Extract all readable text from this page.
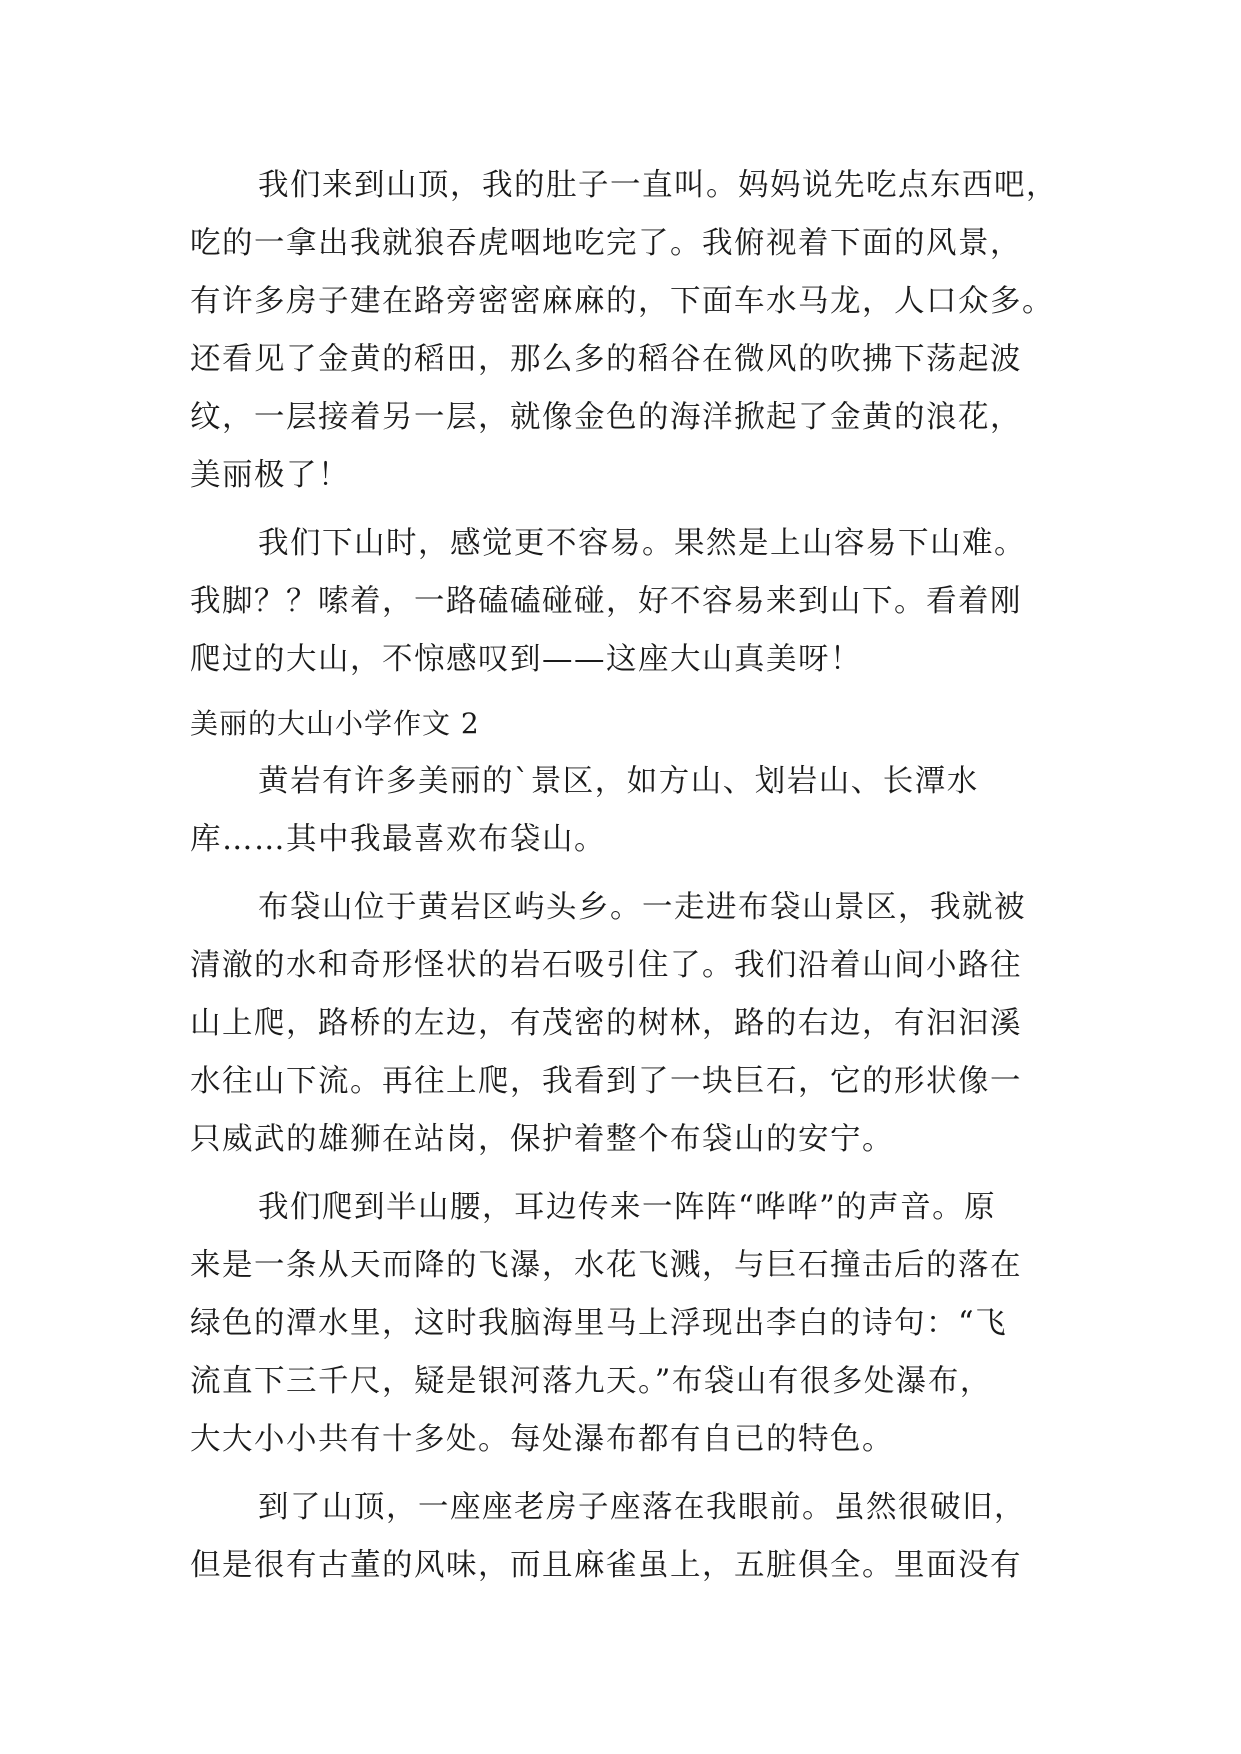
我们来到山顶，我的肚子一直叫。妈妈说先吃点东西吧，
吃的一拿出我就狼吞虎咽地吃完了。我俯视着下面的风景，
有许多房子建在路旁密密麻麻的，下面车水马龙，人口众多。
还看见了金黄的稻田，那么多的稻谷在微风的吹拂下荡起波
纹，一层接着另一层，就像金色的海洋掀起了金黄的浪花，
美丽极了！
我们下山时，感觉更不容易。果然是上山容易下山难。
我脚？？嗦着，一路磕磕碰碰，好不容易来到山下。看着刚
爬过的大山，不惊感叹到——这座大山真美呀！
美丽的大山小学作文 2
黄岩有许多美丽的`景区，如方山、划岩山、长潭水
库……其中我最喜欢布袋山。
布袋山位于黄岩区屿头乡。一走进布袋山景区，我就被
清澈的水和奇形怪状的岩石吸引住了。我们沿着山间小路往
山上爬，路桥的左边，有茂密的树林，路的右边，有汩汩溪
水往山下流。再往上爬，我看到了一块巨石，它的形状像一
只威武的雄狮在站岗，保护着整个布袋山的安宁。
我们爬到半山腰，耳边传来一阵阵“哗哗”的声音。原
来是一条从天而降的飞瀑，水花飞溅，与巨石撞击后的落在
绿色的潭水里，这时我脑海里马上浮现出李白的诗句：“飞
流直下三千尺，疑是银河落九天。”布袋山有很多处瀑布，
大大小小共有十多处。每处瀑布都有自已的特色。
到了山顶，一座座老房子座落在我眼前。虽然很破旧，
但是很有古董的风味，而且麻雀虽上，五脏俱全。里面没有
